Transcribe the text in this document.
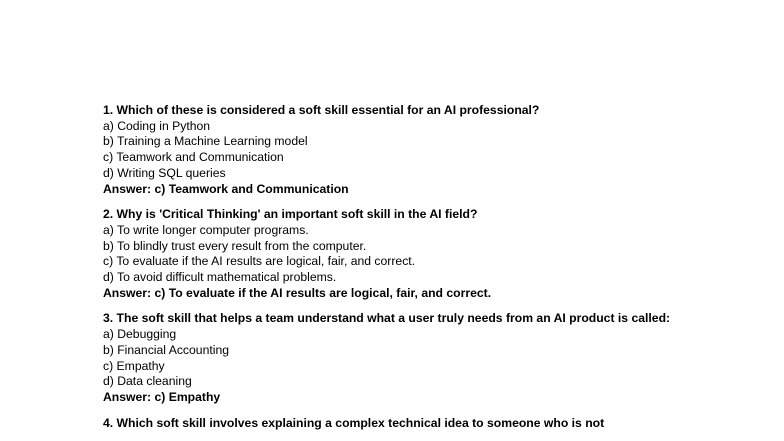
1. Which of these is considered a soft skill essential for an AI professional?
a) Coding in Python
b) Training a Machine Learning model
c) Teamwork and Communication
d) Writing SQL queries
Answer: c) Teamwork and Communication
2. Why is 'Critical Thinking' an important soft skill in the AI field?
a) To write longer computer programs.
b) To blindly trust every result from the computer.
c) To evaluate if the AI results are logical, fair, and correct.
d) To avoid difficult mathematical problems.
Answer: c) To evaluate if the AI results are logical, fair, and correct.
3. The soft skill that helps a team understand what a user truly needs from an AI product is called:
a) Debugging
b) Financial Accounting
c) Empathy
d) Data cleaning
Answer: c) Empathy
4. Which soft skill involves explaining a complex technical idea to someone who is not
